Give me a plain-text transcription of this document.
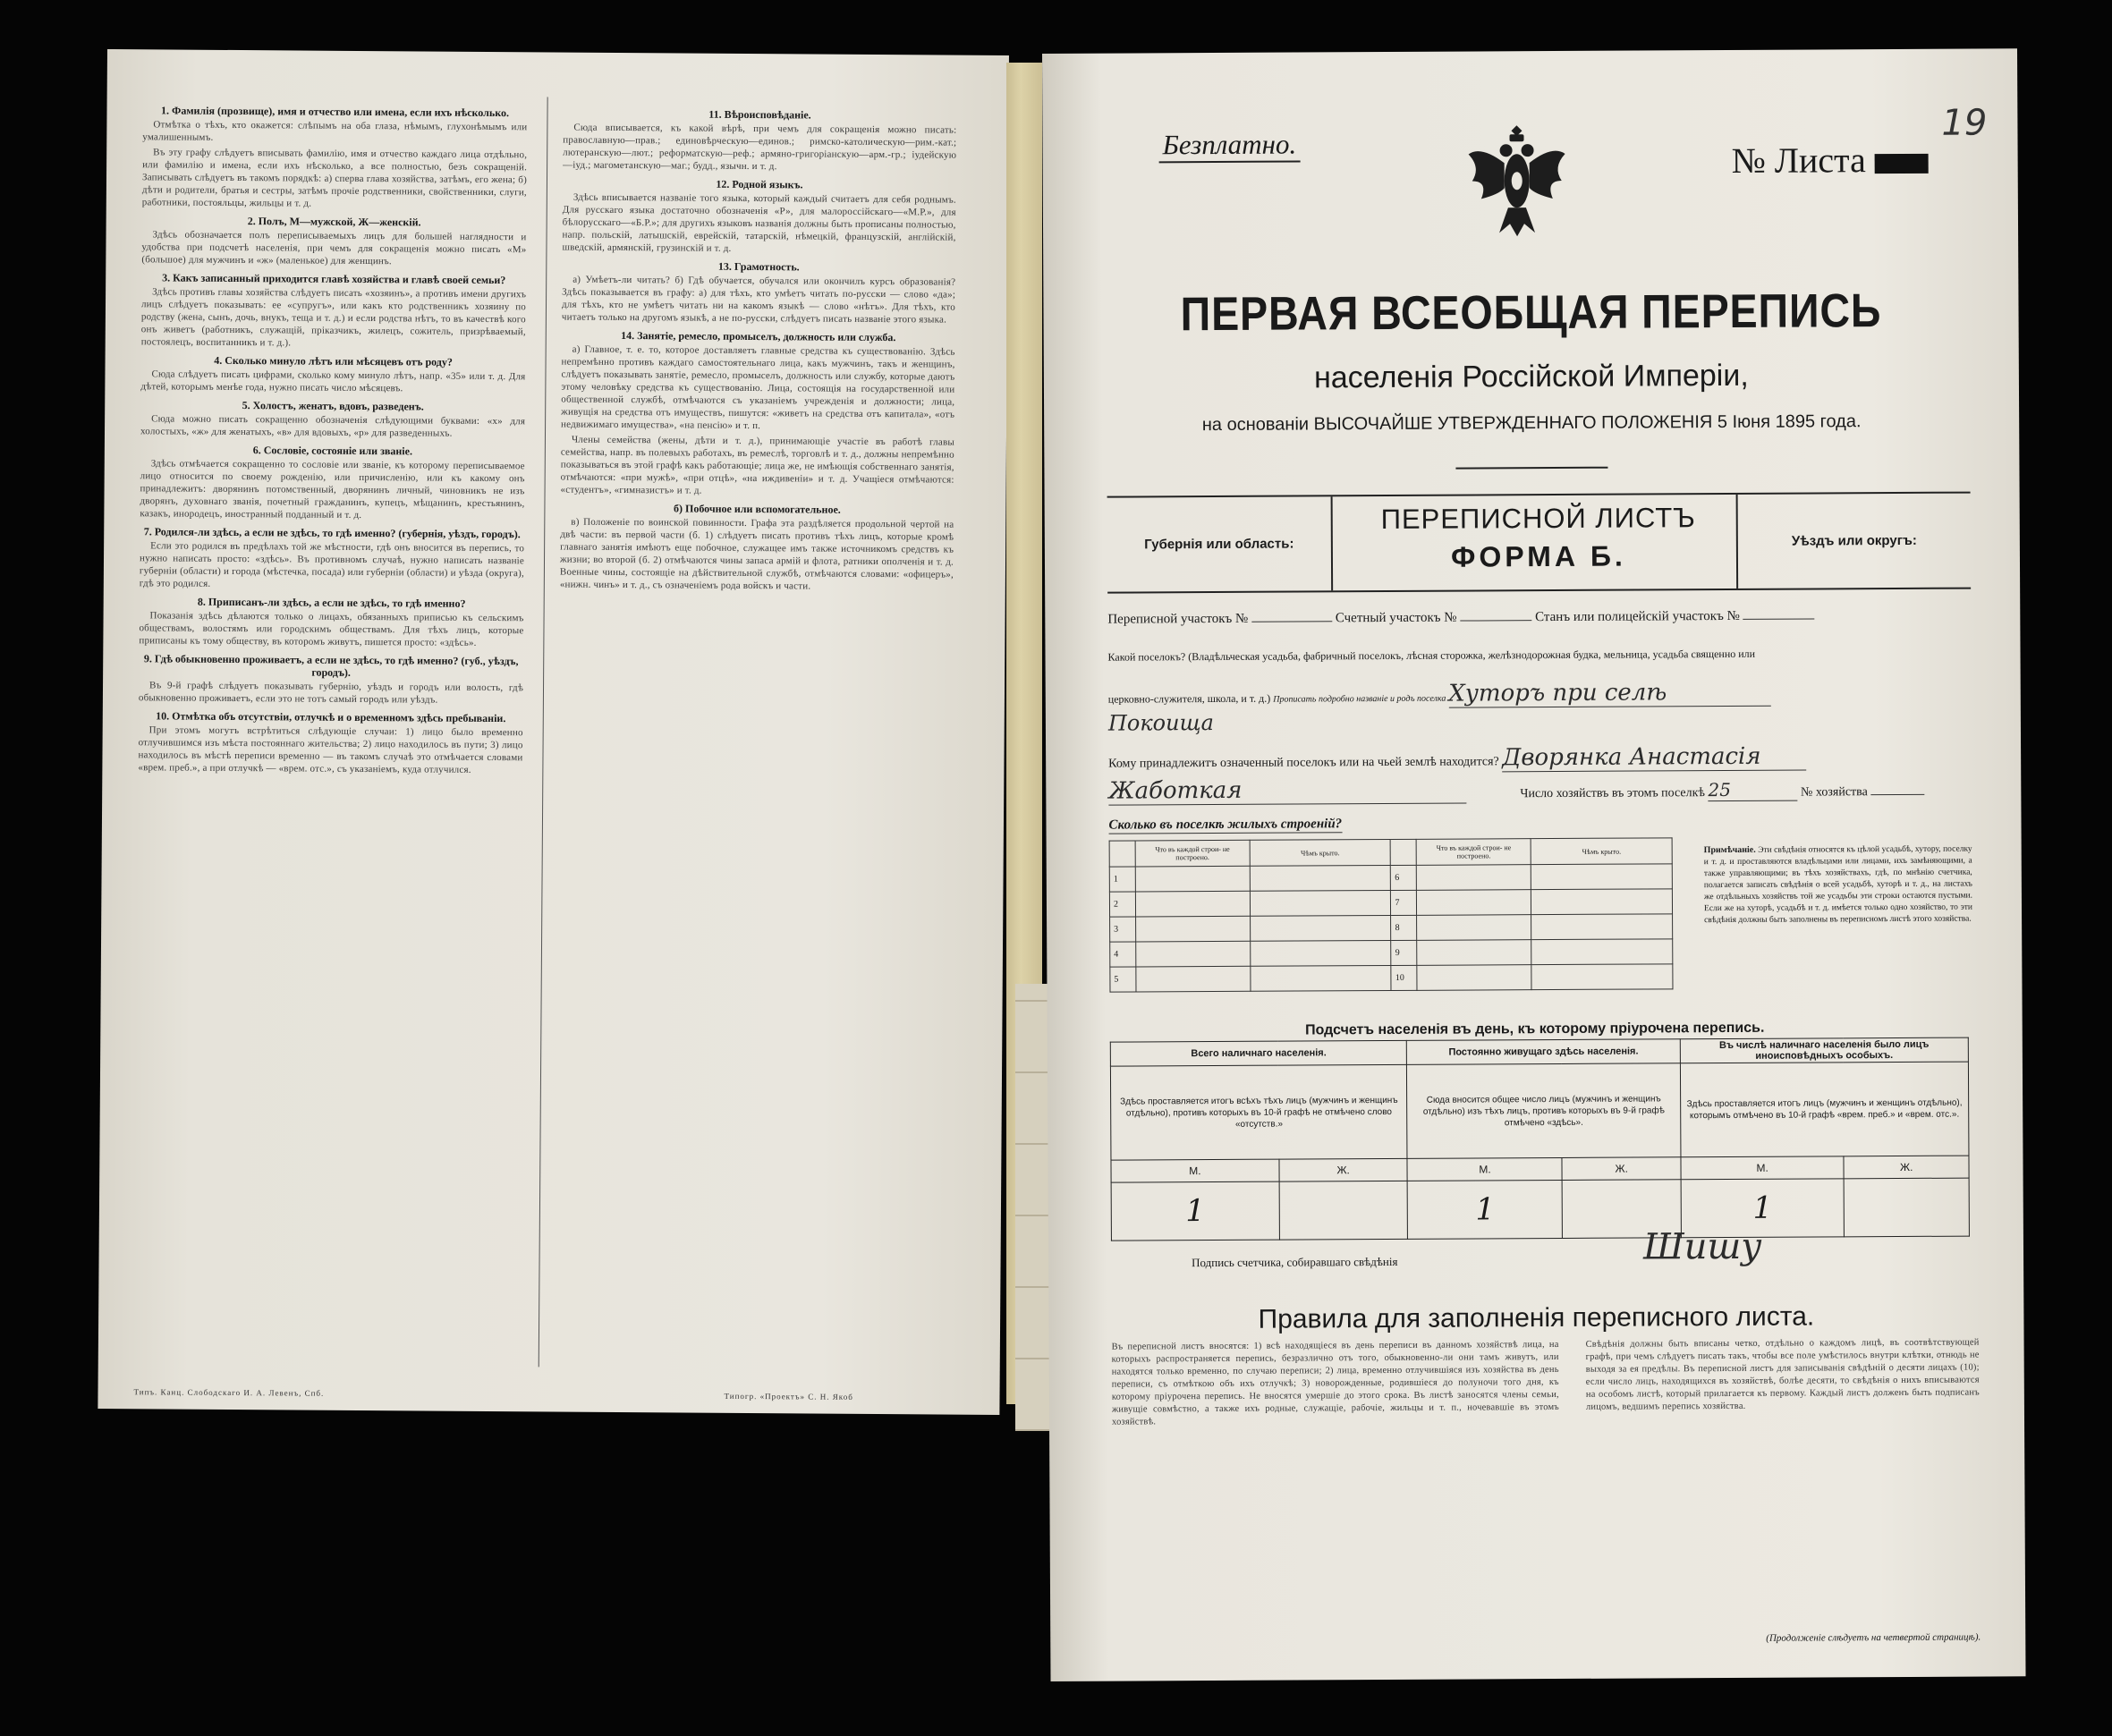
1. Фамилія (прозвище), имя и отчество или имена, если ихъ нѣсколько.

Отмѣтка о тѣхъ, кто окажется: слѣпымъ на оба глаза, нѣмымъ, глухонѣмымъ или умалишеннымъ.

Въ эту графу слѣдуетъ вписывать фамилію, имя и отчество каждаго лица отдѣльно, или фамилію и имена, если ихъ нѣсколько, а все полностью, безъ сокращеній. Записывать слѣдуетъ въ такомъ порядкѣ: а) сперва глава хозяйства, затѣмъ, его жена; б) дѣти и родители, братья и сестры, затѣмъ прочіе родственники, свойственники, слуги, работники, постояльцы, жильцы и т. д.

2. Полъ, М—мужской, Ж—женскій.

Здѣсь обозначается полъ переписываемыхъ лицъ для большей наглядности и удобства при подсчетѣ населенія, при чемъ для сокращенія можно писать «М» (большое) для мужчинъ и «ж» (маленькое) для женщинъ.

3. Какъ записанный приходится главѣ хозяйства и главѣ своей семьи?

Здѣсь противъ главы хозяйства слѣдуетъ писать «хозяинъ», а противъ имени другихъ лицъ слѣдуетъ показывать: ее «супругъ», или какъ кто родственникъ хозяину по родству (жена, сынъ, дочь, внукъ, теща и т. д.) и если родства нѣтъ, то въ качествѣ кого онъ живетъ (работникъ, служащій, пріказчикъ, жилецъ, сожитель, призрѣваемый, постоялецъ, воспитанникъ и т. д.).

4. Сколько минуло лѣтъ или мѣсяцевъ отъ роду?

Сюда слѣдуетъ писать цифрами, сколько кому минуло лѣтъ, напр. «35» или т. д. Для дѣтей, которымъ менѣе года, нужно писать число мѣсяцевъ.

5. Холостъ, женатъ, вдовъ, разведенъ.

Сюда можно писать сокращенно обозначенія слѣдующими буквами: «х» для холостыхъ, «ж» для женатыхъ, «в» для вдовыхъ, «р» для разведенныхъ.

6. Сословіе, состояніе или званіе.

Здѣсь отмѣчается сокращенно то сословіе или званіе, къ которому переписываемое лицо относится по своему рожденію, или причисленію, или къ какому онъ принадлежитъ: дворянинъ потомственный, дворянинъ личный, чиновникъ не изъ дворянъ, духовнаго званія, почетный гражданинъ, купецъ, мѣщанинъ, крестьянинъ, казакъ, инородецъ, иностранный подданный и т. д.

7. Родился-ли здѣсь, а если не здѣсь, то гдѣ именно? (губернія, уѣздъ, городъ).

Если это родился въ предѣлахъ той же мѣстности, гдѣ онъ вносится въ перепись, то нужно написать просто: «здѣсь». Въ противномъ случаѣ, нужно написать названіе губерніи (области) и города (мѣстечка, посада) или губерніи (области) и уѣзда (округа), гдѣ это родился.

8. Приписанъ-ли здѣсь, а если не здѣсь, то гдѣ именно?

Показанія здѣсь дѣлаются только о лицахъ, обязанныхъ приписью къ сельскимъ обществамъ, волостямъ или городскимъ обществамъ. Для тѣхъ лицъ, которые приписаны къ тому обществу, въ которомъ живутъ, пишется просто: «здѣсь».

9. Гдѣ обыкновенно проживаетъ, а если не здѣсь, то гдѣ именно? (губ., уѣздъ, городъ).

Въ 9-й графѣ слѣдуетъ показывать губернію, уѣздъ и городъ или волость, гдѣ обыкновенно проживаетъ, если это не тотъ самый городъ или уѣздъ.

10. Отмѣтка объ отсутствіи, отлучкѣ и о временномъ здѣсь пребываніи.

При этомъ могутъ встрѣтиться слѣдующіе случаи: 1) лицо было временно отлучившимся изъ мѣста постояннаго жительства; 2) лицо находилось въ пути; 3) лицо находилось въ мѣстѣ переписи временно — въ такомъ случаѣ это отмѣчается словами «врем. преб.», а при отлучкѣ — «врем. отс.», съ указаніемъ, куда отлучился.

11. Вѣроисповѣданіе.

Сюда вписывается, къ какой вѣрѣ, при чемъ для сокращенія можно писать: православную—прав.; единовѣрческую—единов.; римско-католическую—рим.-кат.; лютеранскую—лют.; реформатскую—реф.; армяно-григорiанскую—арм.-гр.; іудейскую—іуд.; магометанскую—маг.; будд., язычн. и т. д.

12. Родной языкъ.

Здѣсь вписывается названіе того языка, который каждый считаетъ для себя роднымъ. Для русскаго языка достаточно обозначенія «Р», для малороссійскаго—«М.Р.», для бѣлорусскаго—«Б.Р.»; для другихъ языковъ названія должны быть прописаны полностью, напр. польскій, латышскій, еврейскій, татарскій, нѣмецкій, французскій, англійскій, шведскій, армянскій, грузинскій и т. д.

13. Грамотность.

а) Умѣетъ-ли читать? б) Гдѣ обучается, обучался или окончилъ курсъ образованія? Здѣсь показывается въ графу: а) для тѣхъ, кто умѣетъ читать по-русски — слово «да»; для тѣхъ, кто не умѣетъ читать ни на какомъ языкѣ — слово «нѣтъ». Для тѣхъ, кто читаетъ только на другомъ языкѣ, а не по-русски, слѣдуетъ писать названіе этого языка.

14. Занятіе, ремесло, промыселъ, должность или служба.

а) Главное, т. е. то, которое доставляетъ главные средства къ существованію. Здѣсь непремѣнно противъ каждаго самостоятельнаго лица, какъ мужчинъ, такъ и женщинъ, слѣдуетъ показывать занятіе, ремесло, промыселъ, должность или службу, которые даютъ этому человѣку средства къ существованію. Лица, состоящія на государственной или общественной службѣ, отмѣчаются съ указаніемъ учрежденія и должности; лица, живущія на средства отъ имуществъ, пишутся: «живетъ на средства отъ капитала», «отъ недвижимаго имущества», «на пенсію» и т. п.

Члены семейства (жены, дѣти и т. д.), принимающіе участіе въ работѣ главы семейства, напр. въ полевыхъ работахъ, въ ремеслѣ, торговлѣ и т. д., должны непремѣнно показываться въ этой графѣ какъ работающіе; лица же, не имѣющія собственнаго занятія, отмѣчаются: «при мужѣ», «при отцѣ», «на иждивеніи» и т. д. Учащіеся отмѣчаются: «студентъ», «гимназистъ» и т. д.

б) Побочное или вспомогательное.

в) Положеніе по воинской повинности. Графа эта раздѣляется продольной чертой на двѣ части: въ первой части (б. 1) слѣдуетъ писать противъ тѣхъ лицъ, которые кромѣ главнаго занятія имѣютъ еще побочное, служащее имъ также источникомъ средствъ къ жизни; во второй (б. 2) отмѣчаются чины запаса армій и флота, ратники ополченія и т. д. Военные чины, состоящіе на дѣйствительной службѣ, отмѣчаются словами: «офицеръ», «нижн. чинъ» и т. д., съ означеніемъ рода войскъ и части.

Типъ. Канц. Слободскаго И. А. Левенъ, Спб.	Типогр. «Проектъ» С. Н. Якоб
Безплатно.	№ Листа
19
ПЕРВАЯ ВСЕОБЩАЯ ПЕРЕПИСЬ
населенія Россійской Имперіи,
на основаніи ВЫСОЧАЙШЕ УТВЕРЖДЕННАГО ПОЛОЖЕНІЯ 5 Іюня 1895 года.
Губернія или область:
ПЕРЕПИСНОЙ ЛИСТЪ
ФОРМА Б.	Уѣздъ или округъ:
Переписной участокъ №	Счетный участокъ №	Станъ или полицейскій участокъ №
Какой поселокъ? (Владѣльческая усадьба, фабричный поселокъ, лѣсная сторожка, желѣзнодорожная будка, мельница, усадьба священно или
церковно-служителя, школа, и т. д.) Прописать подробно названіе и родъ поселка Хуторъ при селѣ
Покоища
Кому принадлежитъ означенный поселокъ или на чьей землѣ находится? Дворянка Анастасія
Жаботкая	Число хозяйствъ въ этомъ поселкѣ 25	№ хозяйства
Сколько въ поселкѣ жилыхъ строеній?
	Что въ каждой строи- не построено.	Чѣмъ крыто.		Что въ каждой строи- не построено.	Чѣмъ крыто.
1			6		
2			7		
3			8		
4			9		
5			10		
Примѣчаніе. Эти свѣдѣнія относятся къ цѣлой усадьбѣ, хутору, поселку и т. д. и проставляются владѣльцами или лицами, ихъ замѣняющими, а также управляющими; въ тѣхъ хозяйствахъ, гдѣ, по мнѣнію счетчика, полагается записать свѣдѣнія о всей усадьбѣ, хуторѣ и т. д., на листахъ же отдѣльныхъ хозяйствъ той же усадьбы эти строки остаются пустыми. Если же на хуторѣ, усадьбѣ и т. д. имѣется только одно хозяйство, то эти свѣдѣнія должны быть заполнены въ переписномъ листѣ этого хозяйства.
Подсчетъ населенія въ день, къ которому пріурочена перепись.
Всего наличнаго населенія.		Постоянно живущаго здѣсь населенія.		Въ числѣ наличнаго населенія было лицъ иноисповѣдныхъ особыхъ.	
Здѣсь проставляется итогъ всѣхъ тѣхъ лицъ (мужчинъ и женщинъ отдѣльно), противъ которыхъ въ 10-й графѣ не отмѣчено слово «отсутств.»		Сюда вносится общее число лицъ (мужчинъ и женщинъ отдѣльно) изъ тѣхъ лицъ, противъ которыхъ въ 9-й графѣ отмѣчено «здѣсь».		Здѣсь проставляется итогъ лицъ (мужчинъ и женщинъ отдѣльно), которымъ отмѣчено въ 10-й графѣ «врем. преб.» и «врем. отс.».	
М.	Ж.	М.	Ж.	М.	Ж.
1		1		1	
Подпись счетчика, собиравшаго свѣдѣнія	Шишу
Правила для заполненія переписного листа.
Въ переписной листъ вносятся: 1) всѣ находящіеся въ день переписи въ данномъ хозяйствѣ лица, на которыхъ распространяется перепись, безразлично отъ того, обыкновенно-ли они тамъ живутъ, или находятся только временно, по случаю переписи; 2) лица, временно отлучившіяся изъ хозяйства въ день переписи, съ отмѣткою объ ихъ отлучкѣ; 3) новорожденные, родившіеся до полуночи того дня, къ которому пріурочена перепись. Не вносятся умершіе до этого срока. Въ листѣ заносятся члены семьи, живущіе совмѣстно, а также ихъ родные, служащіе, рабочіе, жильцы и т. п., ночевавшіе въ этомъ хозяйствѣ.
Свѣдѣнія должны быть вписаны четко, отдѣльно о каждомъ лицѣ, въ соотвѣтствующей графѣ, при чемъ слѣдуетъ писать такъ, чтобы все поле умѣстилось внутри клѣтки, отнюдь не выходя за ея предѣлы. Въ переписной листъ для записыванія свѣдѣній о десяти лицахъ (10); если число лицъ, находящихся въ хозяйствѣ, болѣе десяти, то свѣдѣнія о нихъ вписываются на особомъ листѣ, который прилагается къ первому. Каждый листъ долженъ быть подписанъ лицомъ, ведшимъ перепись хозяйства.
(Продолженіе слѣдуетъ на четвертой страницѣ).
